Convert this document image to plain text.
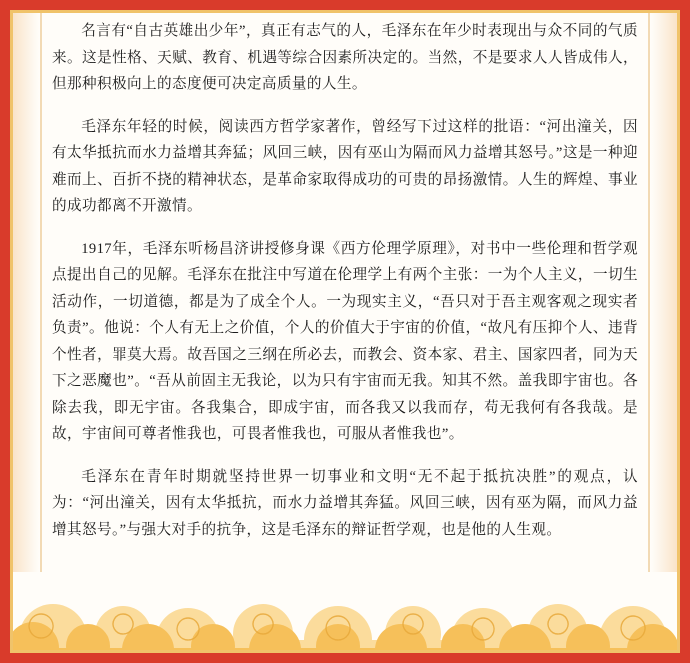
名言有“自古英雄出少年”，真正有志气的人，毛泽东在年少时表现出与众不同的气质来。这是性格、天赋、教育、机遇等综合因素所决定的。当然，不是要求人人皆成伟人，但那种积极向上的态度便可决定高质量的人生。

毛泽东年轻的时候，阅读西方哲学家著作，曾经写下过这样的批语：“河出潼关，因有太华抵抗而水力益增其奔猛；风回三峡，因有巫山为隔而风力益增其怒号。”这是一种迎难而上、百折不挠的精神状态，是革命家取得成功的可贵的昂扬激情。人生的辉煌、事业的成功都离不开激情。

1917年，毛泽东听杨昌济讲授修身课《西方伦理学原理》，对书中一些伦理和哲学观点提出自己的见解。毛泽东在批注中写道在伦理学上有两个主张：一为个人主义，一切生活动作，一切道德，都是为了成全个人。一为现实主义，“吾只对于吾主观客观之现实者负责”。他说：个人有无上之价值，个人的价值大于宇宙的价值，“故凡有压抑个人、违背个性者，罪莫大焉。故吾国之三纲在所必去，而教会、资本家、君主、国家四者，同为天下之恶魔也”。“吾从前固主无我论，以为只有宇宙而无我。知其不然。盖我即宇宙也。各除去我，即无宇宙。各我集合，即成宇宙，而各我又以我而存，苟无我何有各我哉。是故，宇宙间可尊者惟我也，可畏者惟我也，可服从者惟我也”。

毛泽东在青年时期就坚持世界一切事业和文明“无不起于抵抗决胜”的观点，认为：“河出潼关，因有太华抵抗，而水力益增其奔猛。风回三峡，因有巫为隔，而风力益增其怒号。”与强大对手的抗争，这是毛泽东的辩证哲学观，也是他的人生观。
